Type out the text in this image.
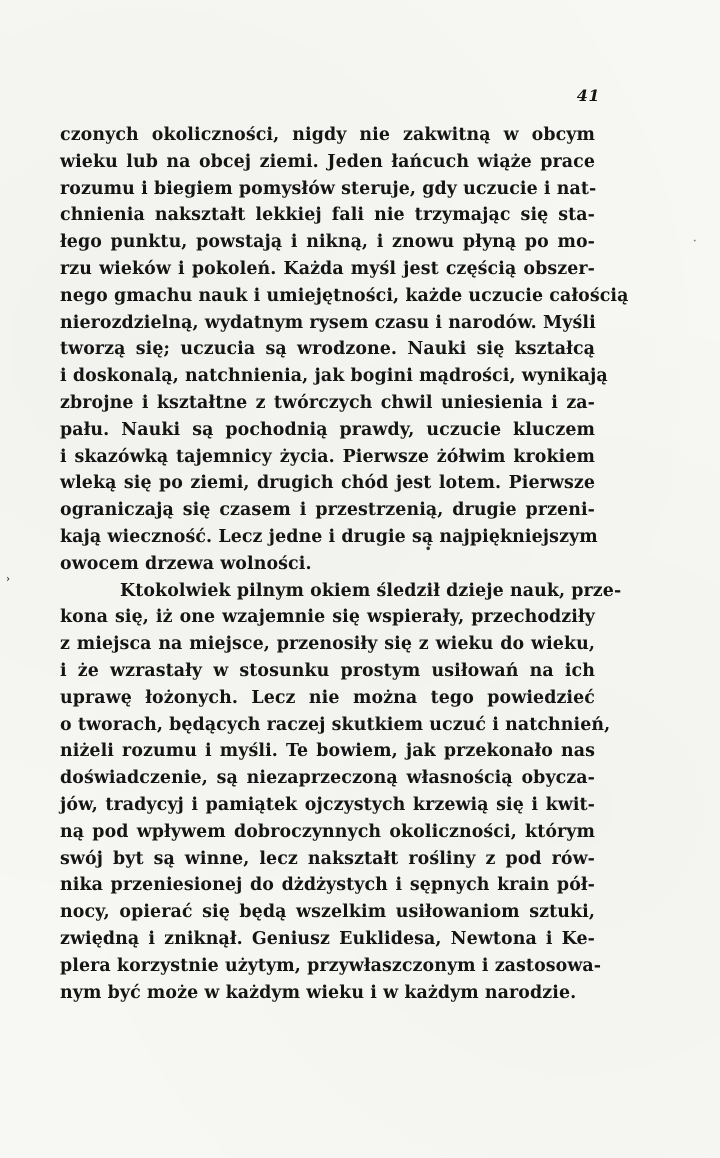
41
czonych okoliczności, nigdy nie zakwitną w obcym
wieku lub na obcej ziemi. Jeden łańcuch wiąże prace
rozumu i biegiem pomysłów steruje, gdy uczucie i nat-
chnienia nakształt lekkiej fali nie trzymając się sta-
łego punktu, powstają i nikną, i znowu płyną po mo-
rzu wieków i pokoleń. Każda myśl jest częścią obszer-
nego gmachu nauk i umiejętności, każde uczucie całością
nierozdzielną, wydatnym rysem czasu i narodów. Myśli
tworzą się; uczucia są wrodzone. Nauki się kształcą
i doskonalą, natchnienia, jak bogini mądrości, wynikają
zbrojne i kształtne z twórczych chwil uniesienia i za-
pału. Nauki są pochodnią prawdy, uczucie kluczem
i skazówką tajemnicy życia. Pierwsze żółwim krokiem
wleką się po ziemi, drugich chód jest lotem. Pierwsze
ograniczają się czasem i przestrzenią, drugie przeni-
kają wieczność. Lecz jedne i drugie są najpiękniejszym
owocem drzewa wolności.
Ktokolwiek pilnym okiem śledził dzieje nauk, prze-
kona się, iż one wzajemnie się wspierały, przechodziły
z miejsca na miejsce, przenosiły się z wieku do wieku,
i że wzrastały w stosunku prostym usiłowań na ich
uprawę łożonych. Lecz nie można tego powiedzieć
o tworach, będących raczej skutkiem uczuć i natchnień,
niżeli rozumu i myśli. Te bowiem, jak przekonało nas
doświadczenie, są niezaprzeczoną własnością obycza-
jów, tradycyj i pamiątek ojczystych krzewią się i kwit-
ną pod wpływem dobroczynnych okoliczności, którym
swój byt są winne, lecz nakształt rośliny z pod rów-
nika przeniesionej do dżdżystych i sępnych krain pół-
nocy, opierać się będą wszelkim usiłowaniom sztuki,
zwiędną i zniknął. Geniusz Euklidesa, Newtona i Ke-
plera korzystnie użytym, przywłaszczonym i zastosowa-
nym być może w każdym wieku i w każdym narodzie.
›
·
•
